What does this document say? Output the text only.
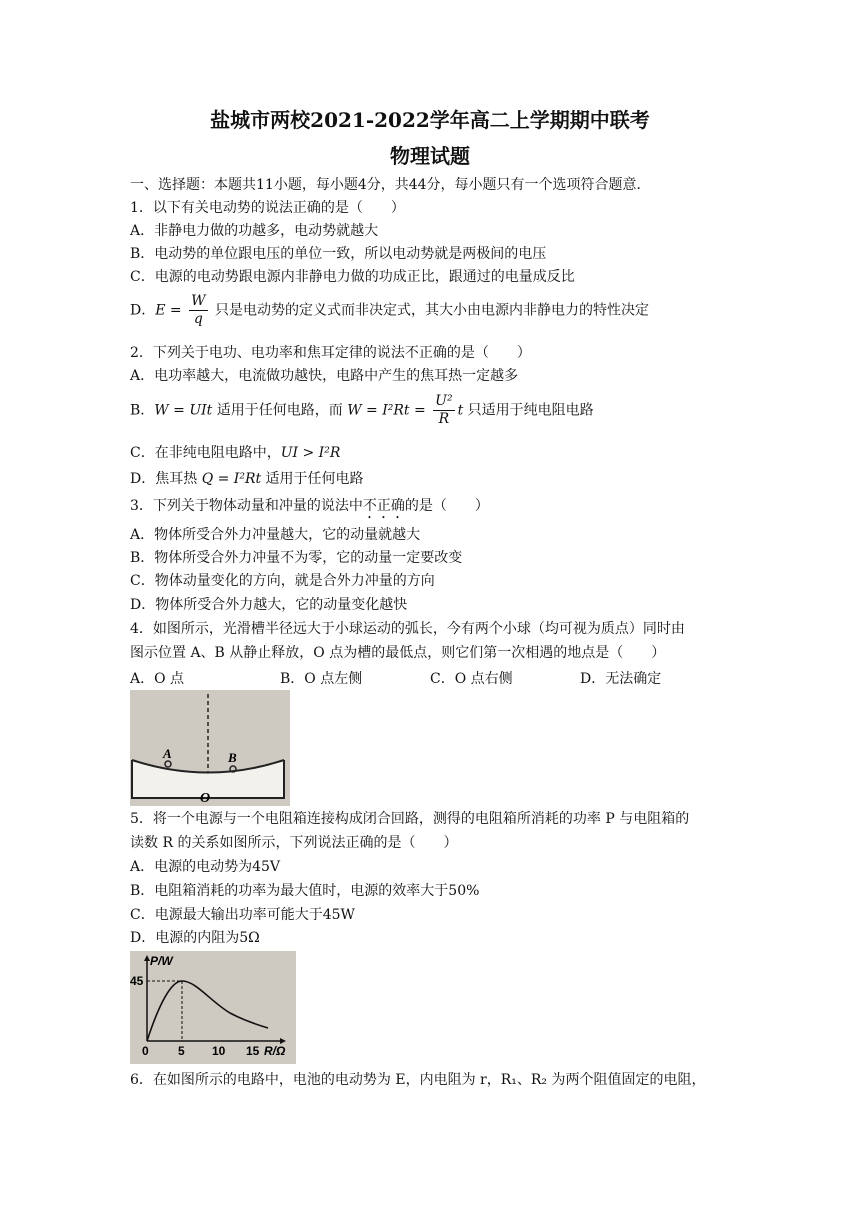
盐城市两校2021-2022学年高二上学期期中联考
物理试题
一、选择题：本题共11小题，每小题4分，共44分，每小题只有一个选项符合题意．
1．以下有关电动势的说法正确的是（　　）
A．非静电力做的功越多，电动势就越大
B．电动势的单位跟电压的单位一致，所以电动势就是两极间的电压
C．电源的电动势跟电源内非静电力做的功成正比，跟通过的电量成反比
D．$E = \frac{W}{q}$ 只是电动势的定义式而非决定式，其大小由电源内非静电力的特性决定
2．下列关于电功、电功率和焦耳定律的说法不正确的是（　　）
A．电功率越大，电流做功越快，电路中产生的焦耳热一定越多
B．W = UIt 适用于任何电路，而 $W = I^2Rt = \frac{\text{U²}}{R}$ t 只适用于纯电阻电路
C．在非纯电阻电路中，UI > I²R
D．焦耳热 Q = I²Rt 适用于任何电路
3．下列关于物体动量和冲量的说法中不正确的是（　　）
A．物体所受合外力冲量越大，它的动量就越大
B．物体所受合外力冲量不为零，它的动量一定要改变
C．物体动量变化的方向，就是合外力冲量的方向
D．物体所受合外力越大，它的动量变化越快
4．如图所示，光滑槽半径远大于小球运动的弧长，今有两个小球（均可视为质点）同时由
图示位置 A、B 从静止释放，O 点为槽的最低点，则它们第一次相遇的地点是（　　）
A．O 点	B．O 点左侧	C．O 点右侧	D．无法确定
A	B
O
5．将一个电源与一个电阻箱连接构成闭合回路，测得的电阻箱所消耗的功率 P 与电阻箱的
读数 R 的关系如图所示，下列说法正确的是（　　）
A．电源的电动势为45V
B．电阻箱消耗的功率为最大值时，电源的效率大于50%
C．电源最大输出功率可能大于45W
D．电源的内阻为5Ω
P/W
45
0 5 10 15 R/Ω
6．在如图所示的电路中，电池的电动势为 E，内电阻为 r，R₁、R₂ 为两个阻值固定的电阻，
